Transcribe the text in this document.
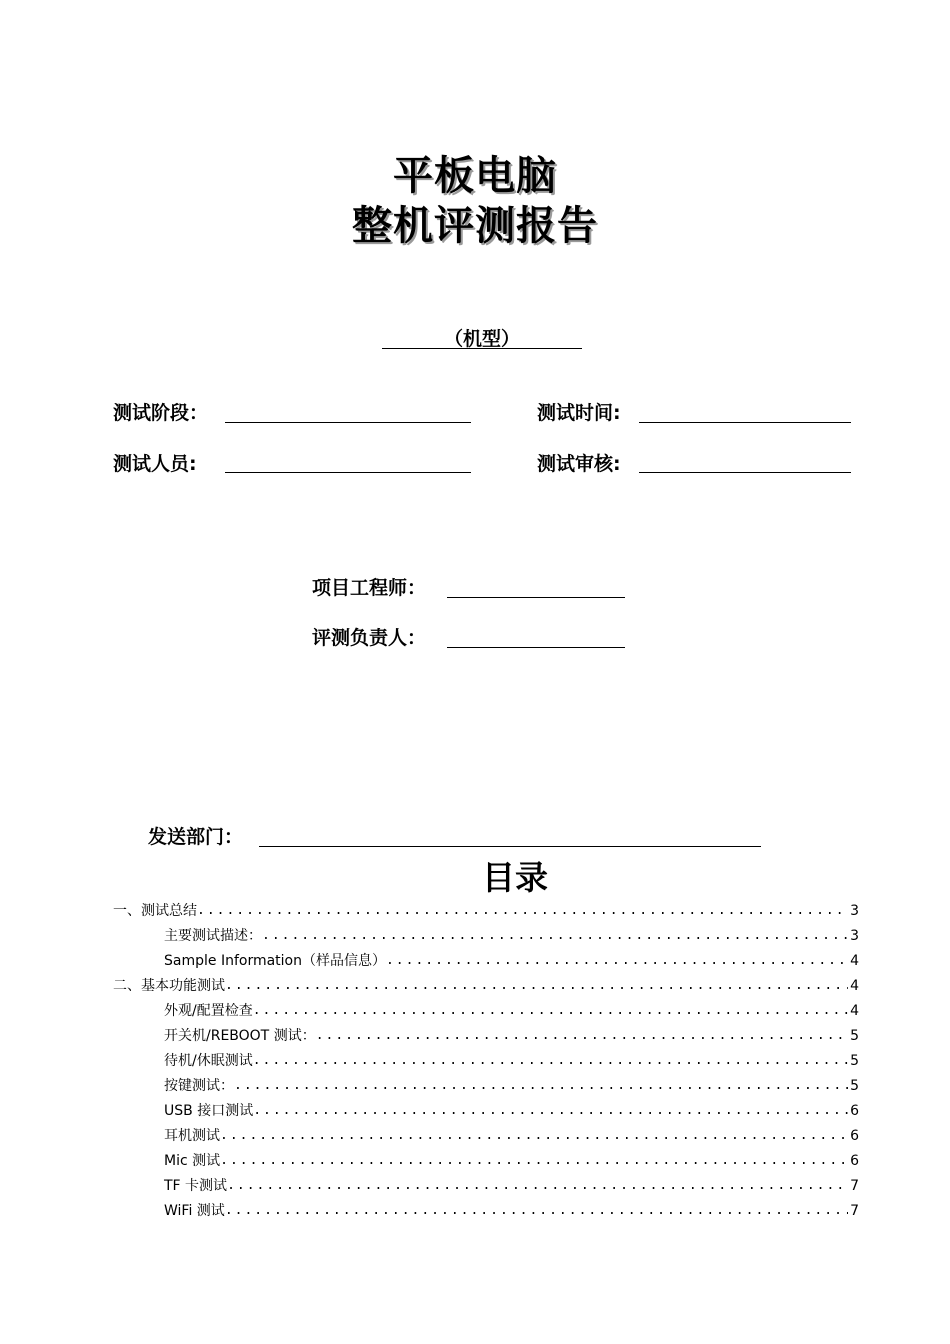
平板电脑
整机评测报告
（机型）
测试阶段：	测试时间:
测试人员:	测试审核:
项目工程师：
评测负责人：
发送部门：
目录
一、测试总结 .....	3
主要测试描述： .....	3
Sample Information（样品信息） .....	4
二、基本功能测试 .....	4
外观/配置检查 .....	4
开关机/REBOOT 测试： .....	5
待机/休眠测试 .....	5
按键测试： .....	5
USB 接口测试 .....	6
耳机测试 .....	6
Mic 测试 .....	6
TF 卡测试 .....	7
WiFi 测试 .....	7
